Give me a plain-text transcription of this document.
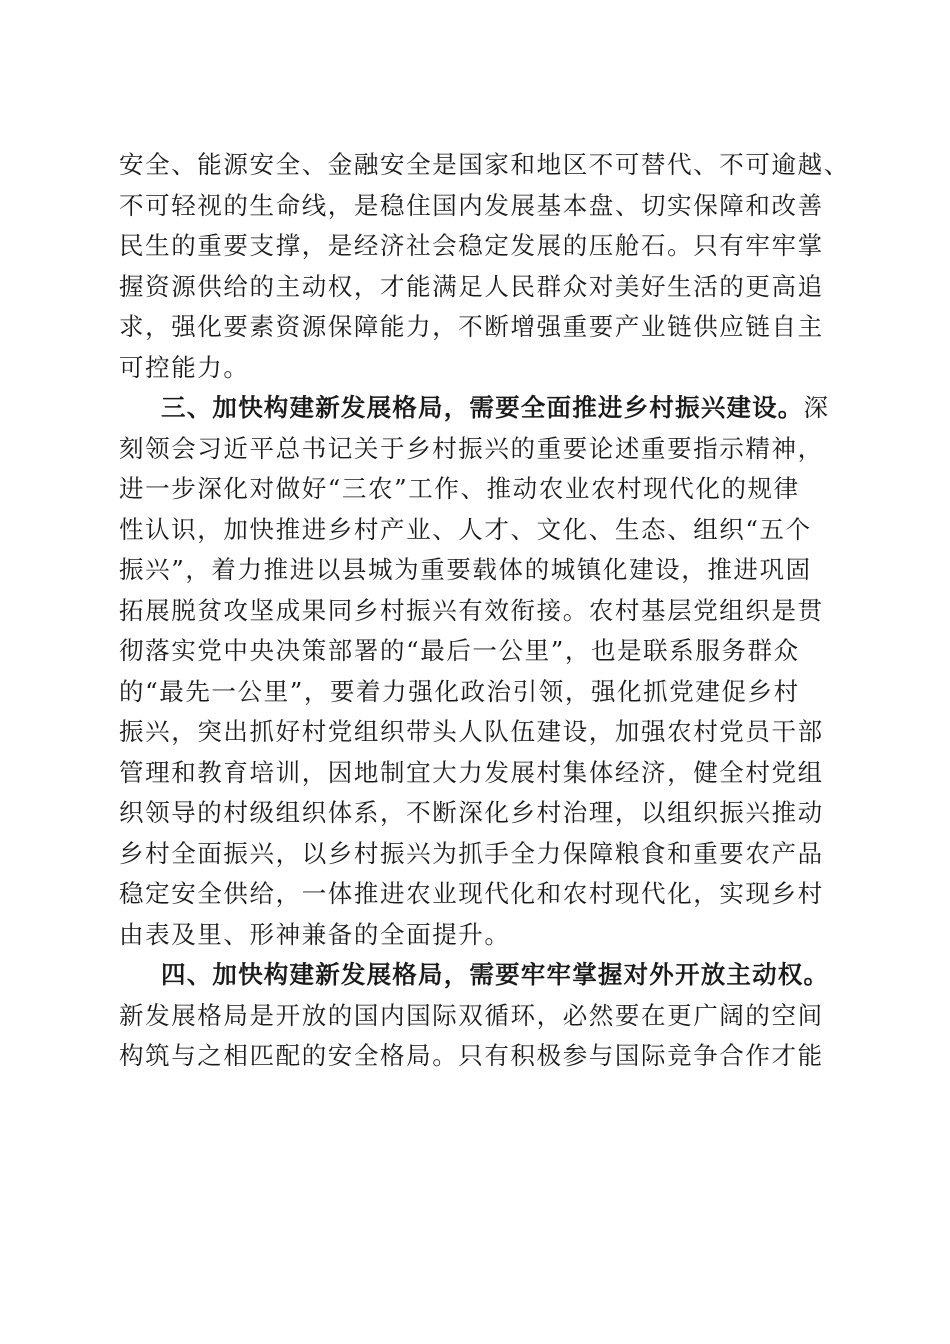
安全、能源安全、金融安全是国家和地区不可替代、不可逾越、
不可轻视的生命线，是稳住国内发展基本盘、切实保障和改善
民生的重要支撑，是经济社会稳定发展的压舱石。只有牢牢掌
握资源供给的主动权，才能满足人民群众对美好生活的更高追
求，强化要素资源保障能力，不断增强重要产业链供应链自主
可控能力。
三、加快构建新发展格局，需要全面推进乡村振兴建设。深
刻领会习近平总书记关于乡村振兴的重要论述重要指示精神，
进一步深化对做好“三农”工作、推动农业农村现代化的规律
性认识，加快推进乡村产业、人才、文化、生态、组织“五个
振兴”，着力推进以县城为重要载体的城镇化建设，推进巩固
拓展脱贫攻坚成果同乡村振兴有效衔接。农村基层党组织是贯
彻落实党中央决策部署的“最后一公里”，也是联系服务群众
的“最先一公里”，要着力强化政治引领，强化抓党建促乡村
振兴，突出抓好村党组织带头人队伍建设，加强农村党员干部
管理和教育培训，因地制宜大力发展村集体经济，健全村党组
织领导的村级组织体系，不断深化乡村治理，以组织振兴推动
乡村全面振兴，以乡村振兴为抓手全力保障粮食和重要农产品
稳定安全供给，一体推进农业现代化和农村现代化，实现乡村
由表及里、形神兼备的全面提升。
四、加快构建新发展格局，需要牢牢掌握对外开放主动权。
新发展格局是开放的国内国际双循环，必然要在更广阔的空间
构筑与之相匹配的安全格局。只有积极参与国际竞争合作才能
